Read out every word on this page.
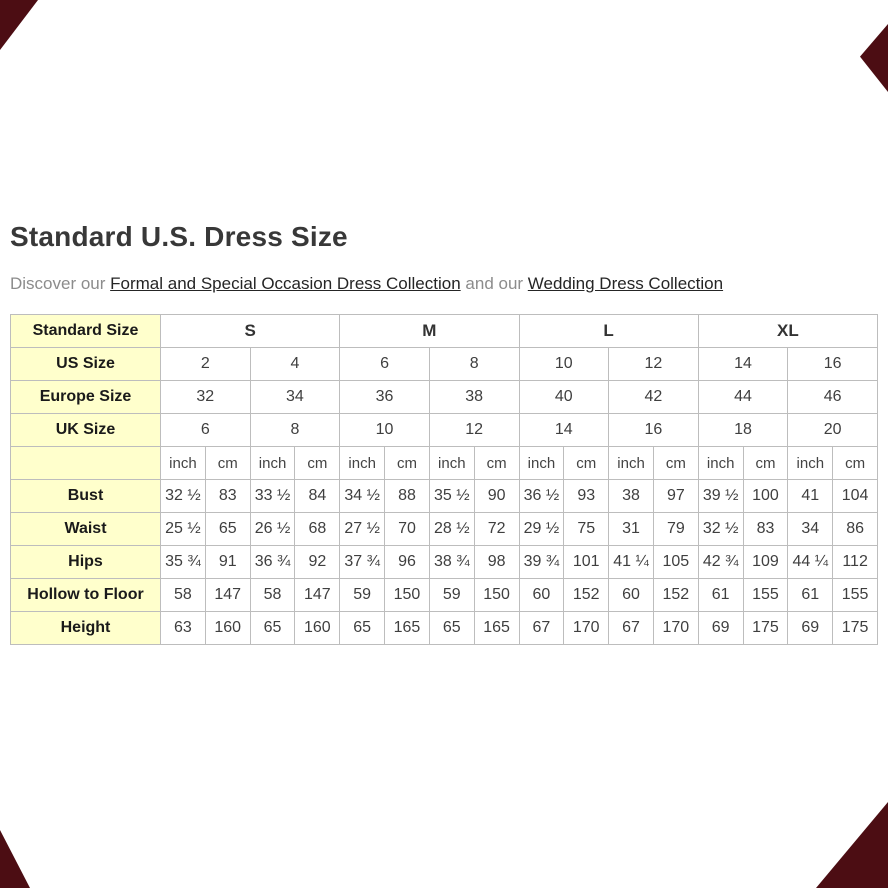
Standard U.S. Dress Size

Discover our Formal and Special Occasion Dress Collection and our Wedding Dress Collection

Standard Size	S				M				L				XL			
US Size	2		4		6		8		10		12		14		16	
Europe Size	32		34		36		38		40		42		44		46	
UK Size	6		8		10		12		14		16		18		20	
	inch	cm	inch	cm	inch	cm	inch	cm	inch	cm	inch	cm	inch	cm	inch	cm
Bust	32 ½	83	33 ½	84	34 ½	88	35 ½	90	36 ½	93	38	97	39 ½	100	41	104
Waist	25 ½	65	26 ½	68	27 ½	70	28 ½	72	29 ½	75	31	79	32 ½	83	34	86
Hips	35 ¾	91	36 ¾	92	37 ¾	96	38 ¾	98	39 ¾	101	41 ¼	105	42 ¾	109	44 ¼	112
Hollow to Floor	58	147	58	147	59	150	59	150	60	152	60	152	61	155	61	155
Height	63	160	65	160	65	165	65	165	67	170	67	170	69	175	69	175
